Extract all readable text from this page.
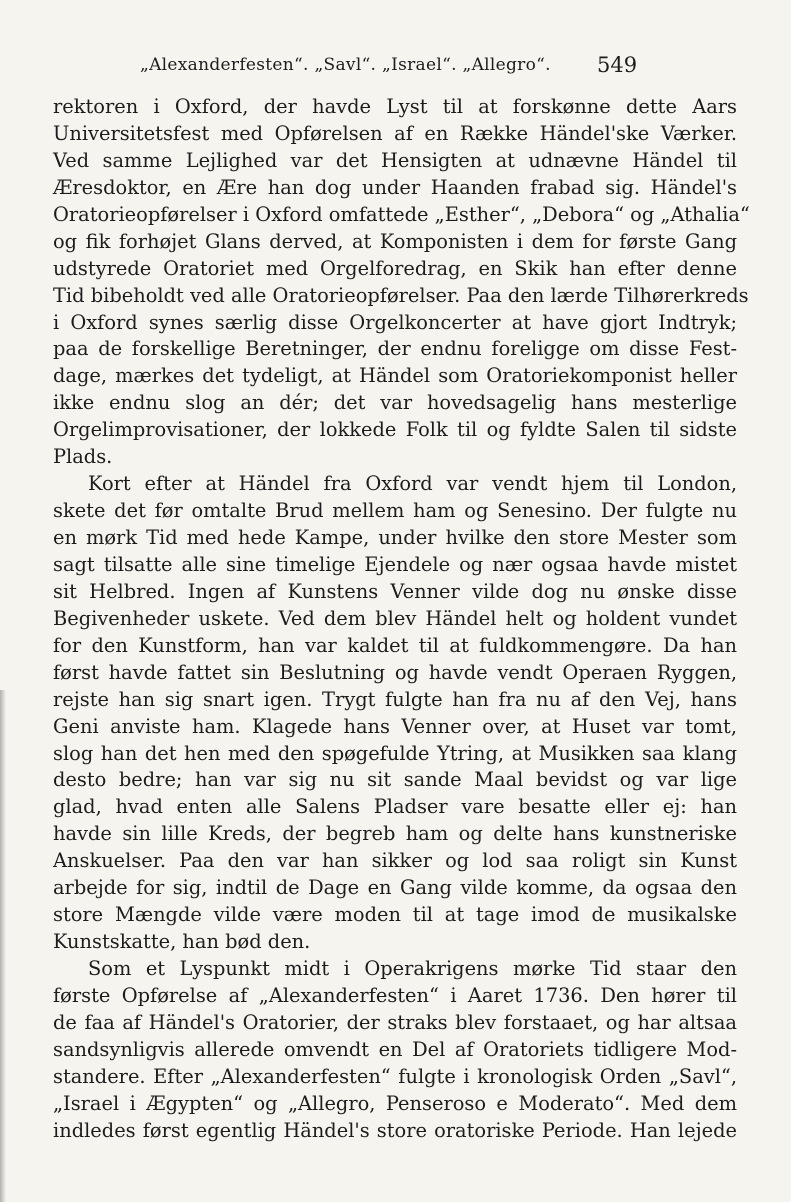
„Alexanderfesten“. „Savl“. „Israel“. „Allegro“.	549
rektoren i Oxford, der havde Lyst til at forskønne dette Aars
Universitetsfest med Opførelsen af en Række Händel'ske Værker.
Ved samme Lejlighed var det Hensigten at udnævne Händel til
Æresdoktor, en Ære han dog under Haanden frabad sig. Händel's
Oratorieopførelser i Oxford omfattede „Esther“, „Debora“ og „Athalia“
og fik forhøjet Glans derved, at Komponisten i dem for første Gang
udstyrede Oratoriet med Orgelforedrag, en Skik han efter denne
Tid bibeholdt ved alle Oratorieopførelser. Paa den lærde Tilhørerkreds
i Oxford synes særlig disse Orgelkoncerter at have gjort Indtryk;
paa de forskellige Beretninger, der endnu foreligge om disse Fest-
dage, mærkes det tydeligt, at Händel som Oratoriekomponist heller
ikke endnu slog an dér; det var hovedsagelig hans mesterlige
Orgelimprovisationer, der lokkede Folk til og fyldte Salen til sidste
Plads.
Kort efter at Händel fra Oxford var vendt hjem til London,
skete det før omtalte Brud mellem ham og Senesino. Der fulgte nu
en mørk Tid med hede Kampe, under hvilke den store Mester som
sagt tilsatte alle sine timelige Ejendele og nær ogsaa havde mistet
sit Helbred. Ingen af Kunstens Venner vilde dog nu ønske disse
Begivenheder uskete. Ved dem blev Händel helt og holdent vundet
for den Kunstform, han var kaldet til at fuldkommengøre. Da han
først havde fattet sin Beslutning og havde vendt Operaen Ryggen,
rejste han sig snart igen. Trygt fulgte han fra nu af den Vej, hans
Geni anviste ham. Klagede hans Venner over, at Huset var tomt,
slog han det hen med den spøgefulde Ytring, at Musikken saa klang
desto bedre; han var sig nu sit sande Maal bevidst og var lige
glad, hvad enten alle Salens Pladser vare besatte eller ej: han
havde sin lille Kreds, der begreb ham og delte hans kunstneriske
Anskuelser. Paa den var han sikker og lod saa roligt sin Kunst
arbejde for sig, indtil de Dage en Gang vilde komme, da ogsaa den
store Mængde vilde være moden til at tage imod de musikalske
Kunstskatte, han bød den.
Som et Lyspunkt midt i Operakrigens mørke Tid staar den
første Opførelse af „Alexanderfesten“ i Aaret 1736. Den hører til
de faa af Händel's Oratorier, der straks blev forstaaet, og har altsaa
sandsynligvis allerede omvendt en Del af Oratoriets tidligere Mod-
standere. Efter „Alexanderfesten“ fulgte i kronologisk Orden „Savl“,
„Israel i Ægypten“ og „Allegro, Penseroso e Moderato“. Med dem
indledes først egentlig Händel's store oratoriske Periode. Han lejede
